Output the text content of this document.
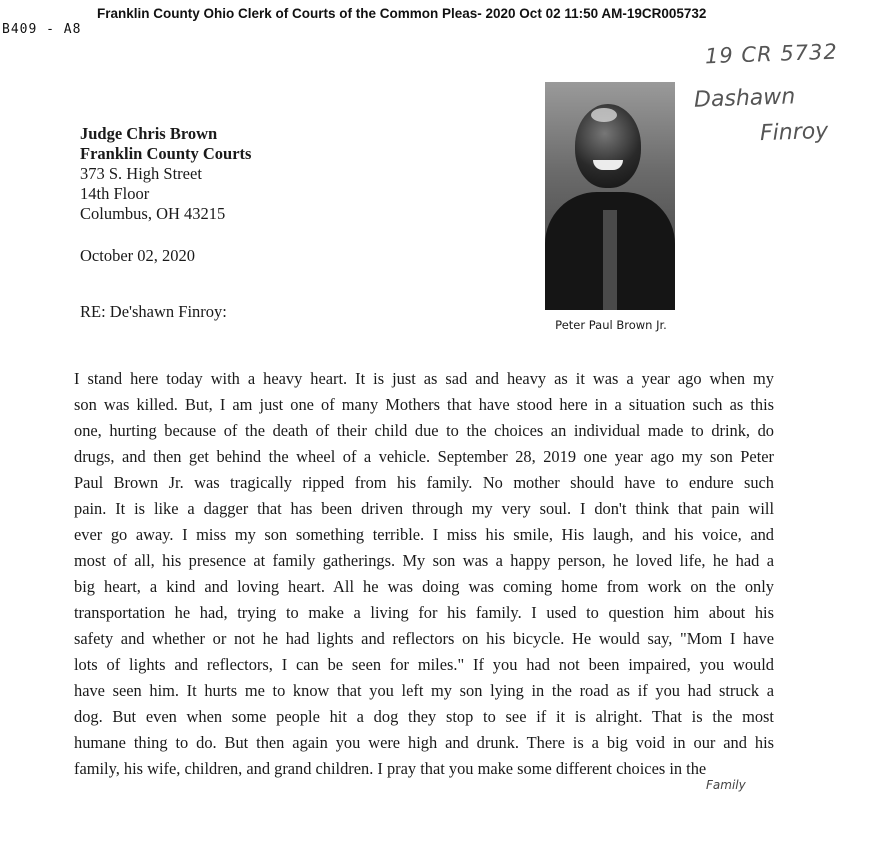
B409 - A8
Franklin County Ohio Clerk of Courts of the Common Pleas- 2020 Oct 02 11:50 AM-19CR005732
19 CR 5732
Dashawn
Finroy
Judge Chris Brown
Franklin County Courts
373 S. High Street
14th Floor
Columbus, OH 43215
October 02, 2020
RE: De'shawn Finroy:
Peter Paul Brown Jr.
I stand here today with a heavy heart. It is just as sad and heavy as it was a year ago when my
son was killed. But, I am just one of many Mothers that have stood here in a situation such as this
one, hurting because of the death of their child due to the choices an individual made to drink, do
drugs, and then get behind the wheel of a vehicle. September 28, 2019 one year ago my son Peter
Paul Brown Jr. was tragically ripped from his family. No mother should have to endure such
pain. It is like a dagger that has been driven through my very soul. I don't think that pain will
ever go away. I miss my son something terrible. I miss his smile, His laugh, and his voice, and
most of all, his presence at family gatherings. My son was a happy person, he loved life, he had a
big heart, a kind and loving heart. All he was doing was coming home from work on the only
transportation he had, trying to make a living for his family. I used to question him about his
safety and whether or not he had lights and reflectors on his bicycle. He would say, "Mom I have
lots of lights and reflectors, I can be seen for miles." If you had not been impaired, you would
have seen him. It hurts me to know that you left my son lying in the road as if you had struck a
dog. But even when some people hit a dog they stop to see if it is alright. That is the most
humane thing to do. But then again you were high and drunk. There is a big void in our and his
family, his wife, children, and grand children. I pray that you make some different choices in the
Family
